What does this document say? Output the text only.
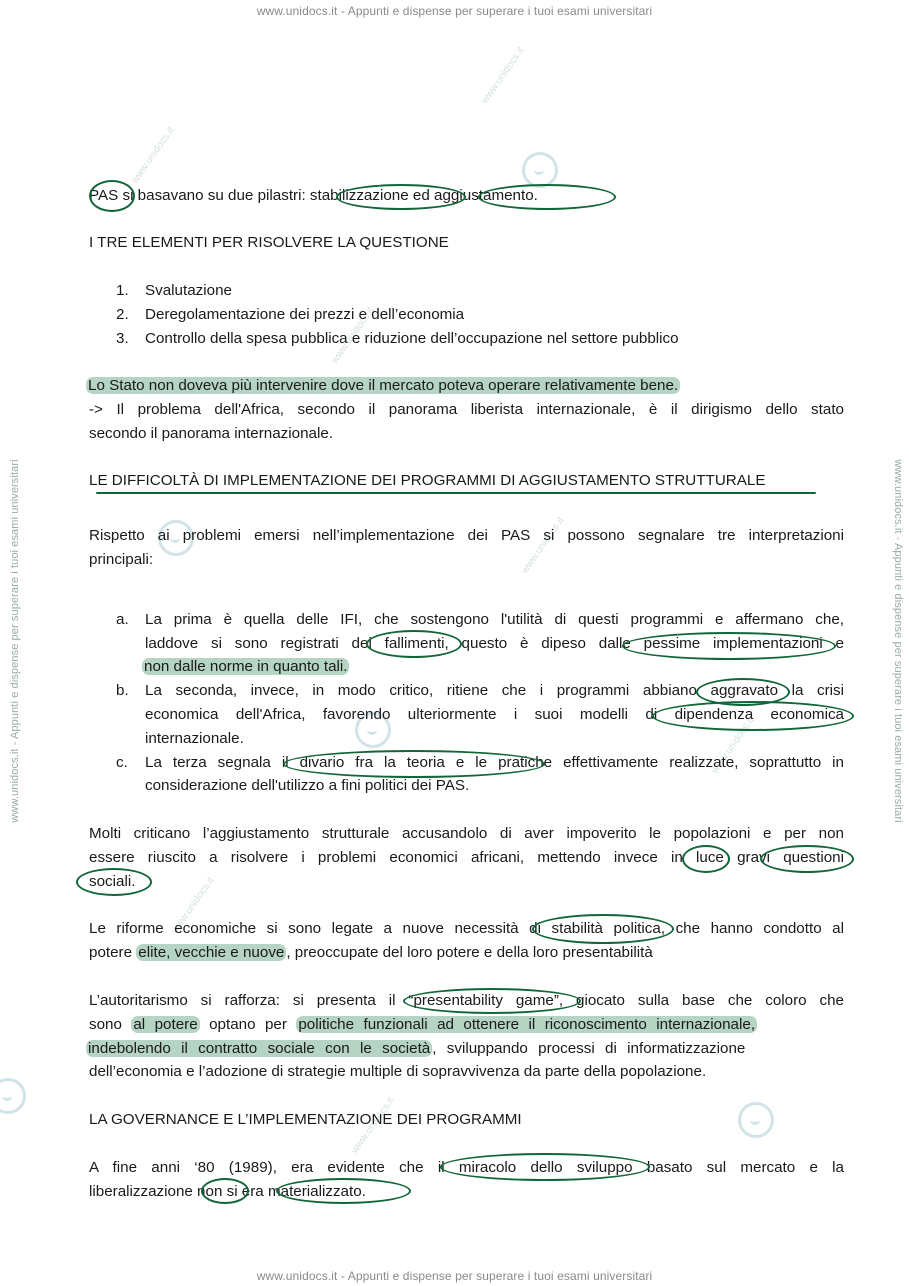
www.unidocs.it - Appunti e dispense per superare i tuoi esami universitari
www.unidocs.it - Appunti e dispense per superare i tuoi esami universitari
www.unidocs.it - Appunti e dispense per superare i tuoi esami universitari	www.unidocs.it - Appunti e dispense per superare i tuoi esami universitari
www.unidocs.it
www.unidocs.it
www.unidocs.it
www.unidocs.it
www.unidocs.it
www.unidocs.it
www.unidocs.it
PAS si basavano su due pilastri: stabilizzazione ed aggiustamento.
I TRE ELEMENTI PER RISOLVERE LA QUESTIONE
1. Svalutazione
2. Deregolamentazione dei prezzi e dell’economia
3. Controllo della spesa pubblica e riduzione dell’occupazione nel settore pubblico
Lo Stato non doveva più intervenire dove il mercato poteva operare relativamente bene.
-> Il problema dell'Africa, secondo il panorama liberista internazionale, è il dirigismo dello stato
secondo il panorama internazionale.
LE DIFFICOLTÀ DI IMPLEMENTAZIONE DEI PROGRAMMI DI AGGIUSTAMENTO STRUTTURALE
Rispetto ai problemi emersi nell’implementazione dei PAS si possono segnalare tre interpretazioni
principali:
a. La prima è quella delle IFI, che sostengono l'utilità di questi programmi e affermano che,
laddove si sono registrati dei fallimenti, questo è dipeso dalle pessime implementazioni e
non dalle norme in quanto tali.
b. La seconda, invece, in modo critico, ritiene che i programmi abbiano aggravato la crisi
economica dell'Africa, favorendo ulteriormente i suoi modelli di dipendenza economica
internazionale.
c. La terza segnala il divario fra la teoria e le pratiche effettivamente realizzate, soprattutto in
considerazione dell'utilizzo a fini politici dei PAS.
Molti criticano l’aggiustamento strutturale accusandolo di aver impoverito le popolazioni e per non
essere riuscito a risolvere i problemi economici africani, mettendo invece in luce gravi questioni
sociali.
Le riforme economiche si sono legate a nuove necessità di stabilità politica, che hanno condotto al
potere elite, vecchie e nuove , preoccupate del loro potere e della loro presentabilità
L’autoritarismo si rafforza: si presenta il “presentability game”, giocato sulla base che coloro che
sono al potere optano per politiche funzionali ad ottenere il riconoscimento internazionale,
indebolendo il contratto sociale con le società , sviluppando processi di informatizzazione
dell’economia e l’adozione di strategie multiple di sopravvivenza da parte della popolazione.
LA GOVERNANCE E L’IMPLEMENTAZIONE DEI PROGRAMMI
A fine anni ‘80 (1989), era evidente che il miracolo dello sviluppo basato sul mercato e la
liberalizzazione non si era materializzato.
